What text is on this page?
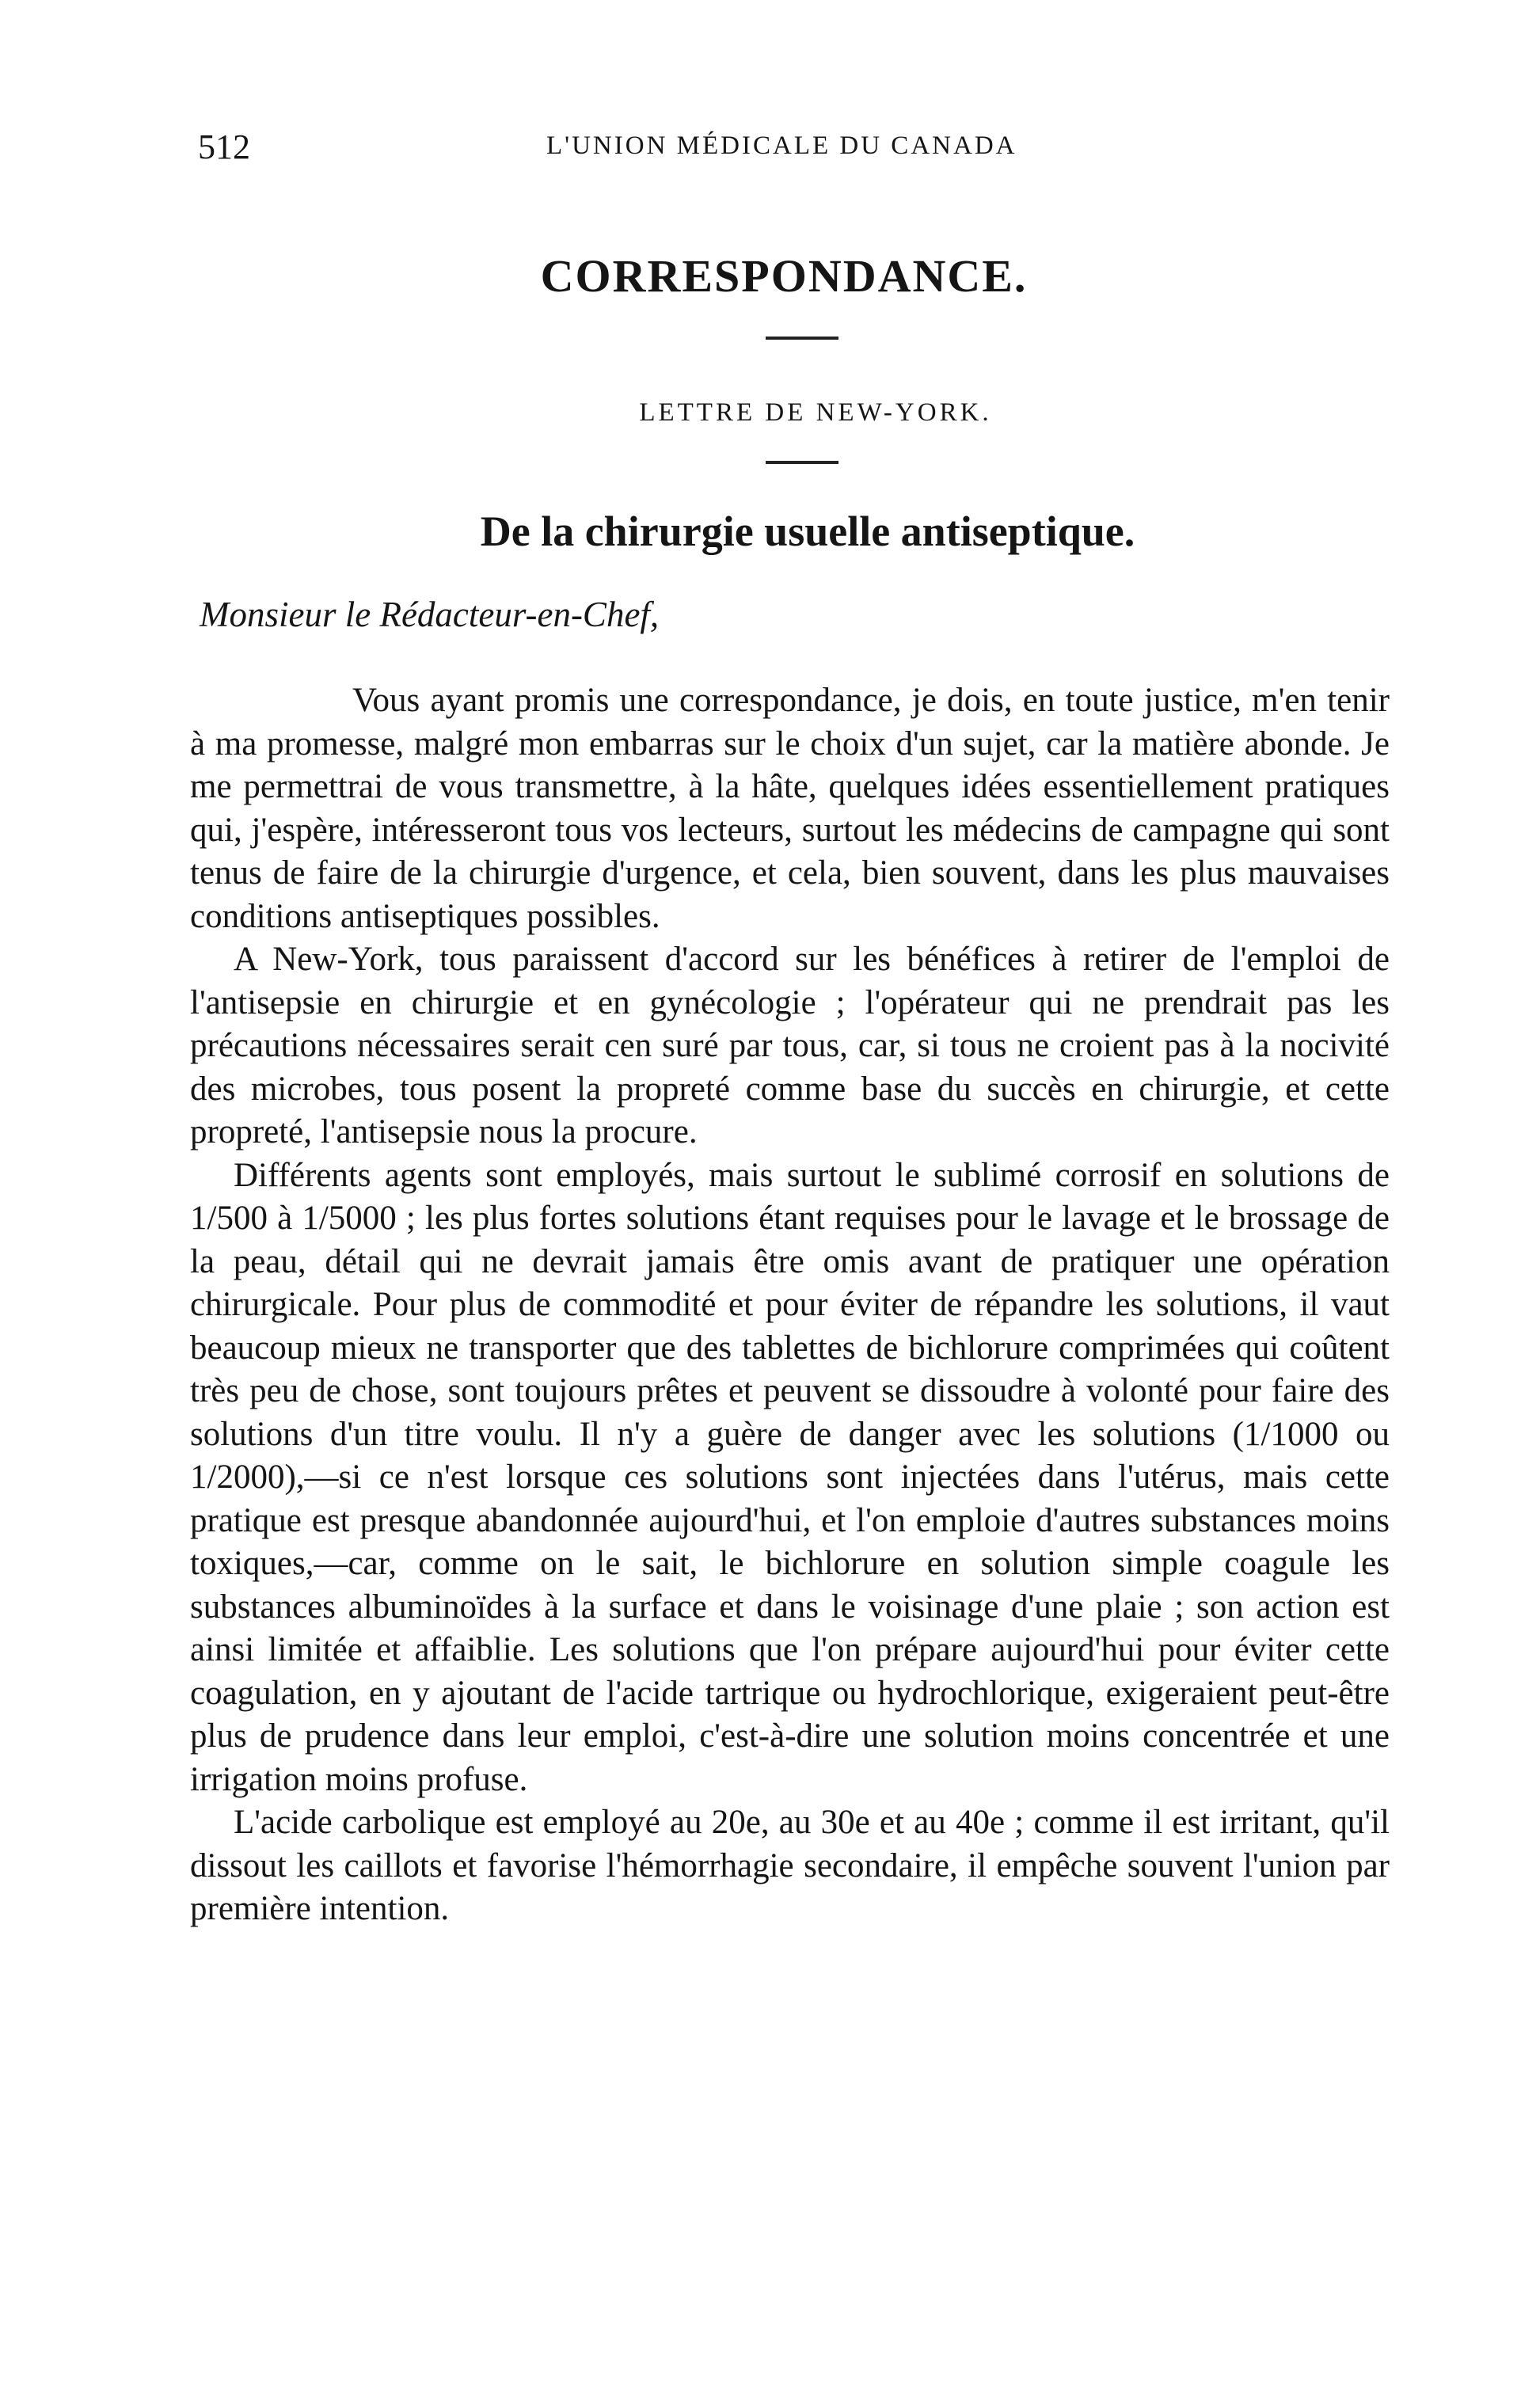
512	L'UNION MÉDICALE DU CANADA
CORRESPONDANCE.
LETTRE DE NEW-YORK.
De la chirurgie usuelle antiseptique.
Monsieur le Rédacteur-en-Chef,

Vous ayant promis une correspondance, je dois, en toute justice, m'en tenir à ma promesse, malgré mon embarras sur le choix d'un sujet, car la matière abonde. Je me permettrai de vous transmettre, à la hâte, quelques idées essentiellement pratiques qui, j'espère, intéresseront tous vos lecteurs, surtout les médecins de campagne qui sont tenus de faire de la chirurgie d'urgence, et cela, bien souvent, dans les plus mauvaises conditions antiseptiques possibles.

A New-York, tous paraissent d'accord sur les bénéfices à retirer de l'emploi de l'antisepsie en chirurgie et en gynécologie ; l'opérateur qui ne prendrait pas les précautions nécessaires serait cen suré par tous, car, si tous ne croient pas à la nocivité des microbes, tous posent la propreté comme base du succès en chirurgie, et cette propreté, l'antisepsie nous la procure.

Différents agents sont employés, mais surtout le sublimé corrosif en solutions de 1/500 à 1/5000 ; les plus fortes solutions étant requises pour le lavage et le brossage de la peau, détail qui ne devrait jamais être omis avant de pratiquer une opération chirurgicale. Pour plus de commodité et pour éviter de répandre les solutions, il vaut beaucoup mieux ne transporter que des tablettes de bichlorure comprimées qui coûtent très peu de chose, sont toujours prêtes et peuvent se dissoudre à volonté pour faire des solutions d'un titre voulu. Il n'y a guère de danger avec les solutions (1/1000 ou 1/2000),—si ce n'est lorsque ces solutions sont injectées dans l'utérus, mais cette pratique est presque abandonnée aujourd'hui, et l'on emploie d'autres substances moins toxiques,—car, comme on le sait, le bichlorure en solution simple coagule les substances albuminoïdes à la surface et dans le voisinage d'une plaie ; son action est ainsi limitée et affaiblie. Les solutions que l'on prépare aujourd'hui pour éviter cette coagulation, en y ajoutant de l'acide tartrique ou hydrochlorique, exigeraient peut-être plus de prudence dans leur emploi, c'est-à-dire une solution moins concentrée et une irrigation moins profuse.

L'acide carbolique est employé au 20e, au 30e et au 40e ; comme il est irritant, qu'il dissout les caillots et favorise l'hémorrhagie secondaire, il empêche souvent l'union par première intention.
